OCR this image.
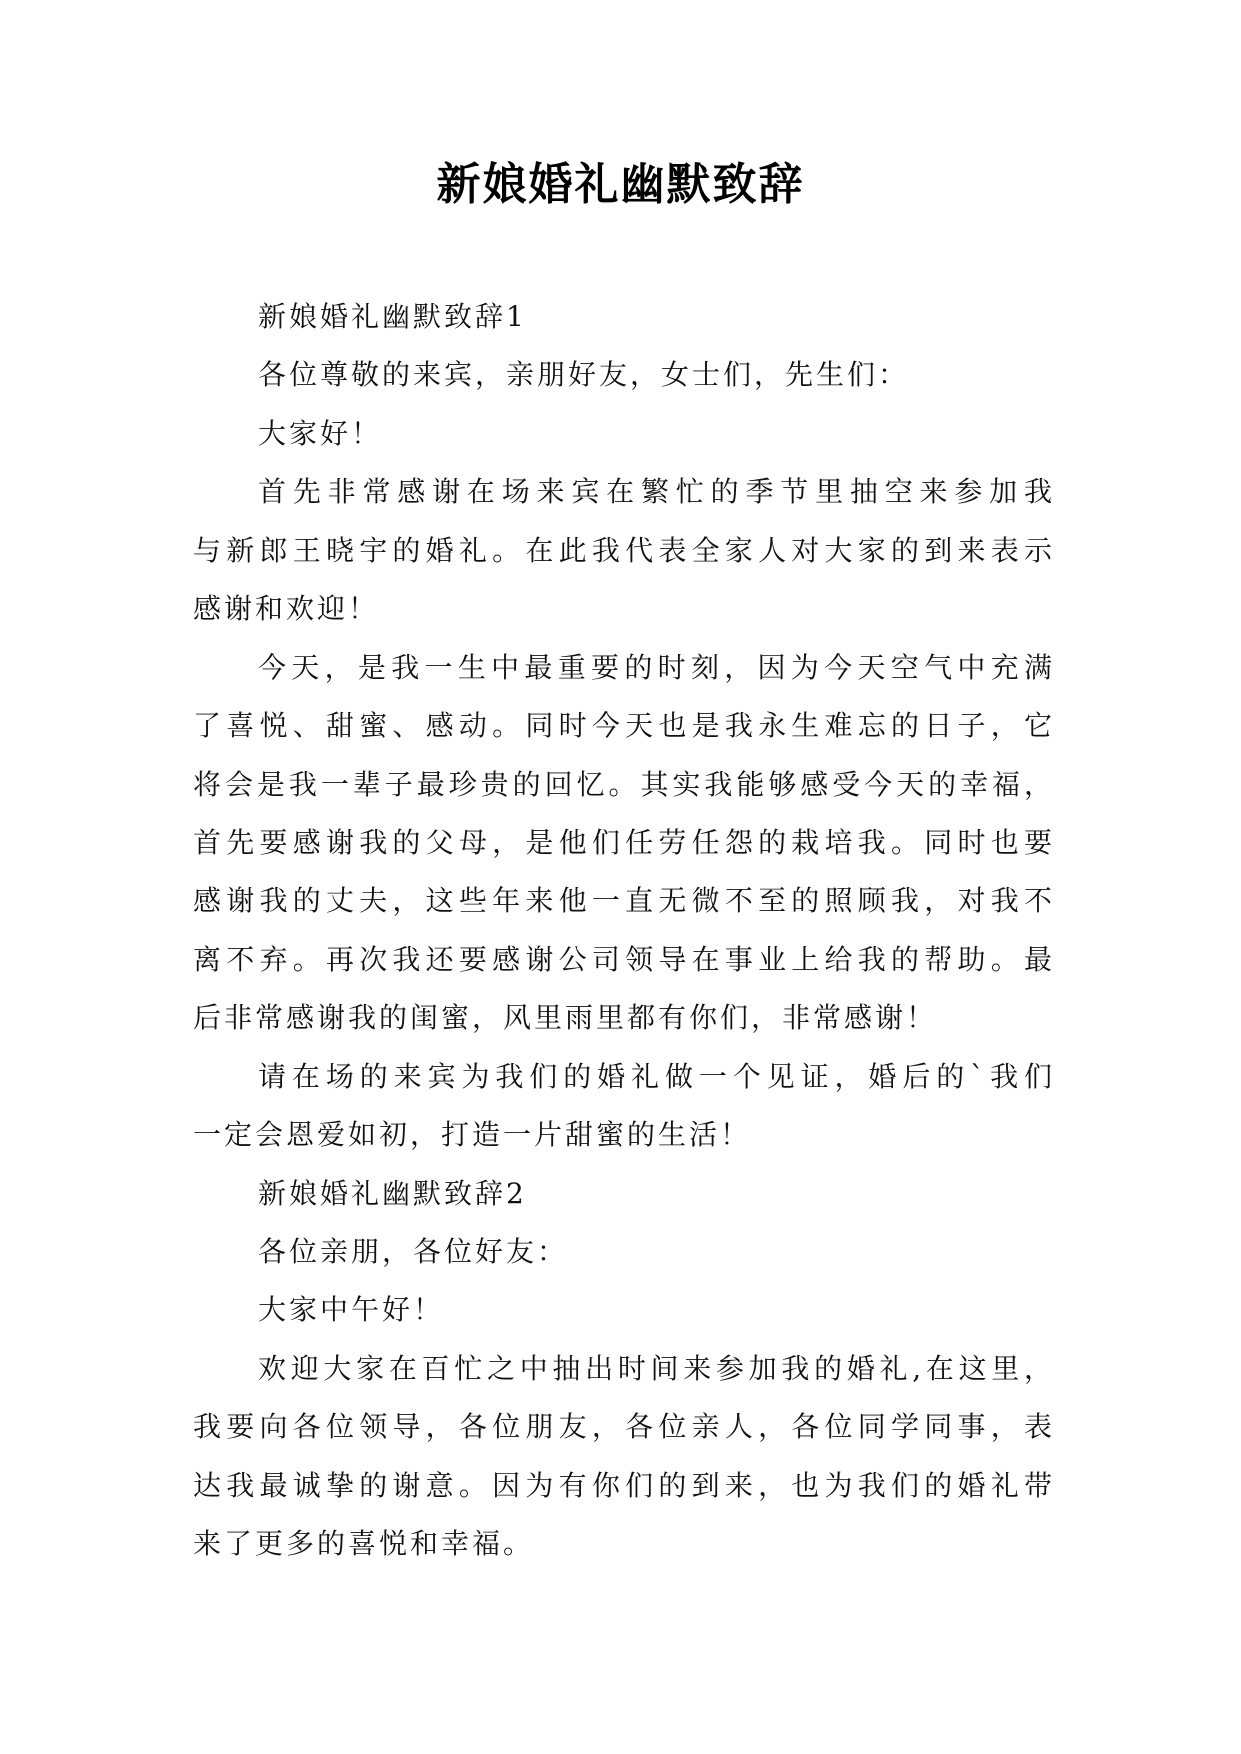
新娘婚礼幽默致辞
新娘婚礼幽默致辞1
各位尊敬的来宾，亲朋好友，女士们，先生们：
大家好！
首先非常感谢在场来宾在繁忙的季节里抽空来参加我
与新郎王晓宇的婚礼。在此我代表全家人对大家的到来表示
感谢和欢迎！
今天，是我一生中最重要的时刻，因为今天空气中充满
了喜悦、甜蜜、感动。同时今天也是我永生难忘的日子，它
将会是我一辈子最珍贵的回忆。其实我能够感受今天的幸福，
首先要感谢我的父母，是他们任劳任怨的栽培我。同时也要
感谢我的丈夫，这些年来他一直无微不至的照顾我，对我不
离不弃。再次我还要感谢公司领导在事业上给我的帮助。最
后非常感谢我的闺蜜，风里雨里都有你们，非常感谢！
请在场的来宾为我们的婚礼做一个见证，婚后的`我们
一定会恩爱如初，打造一片甜蜜的生活！
新娘婚礼幽默致辞2
各位亲朋，各位好友：
大家中午好！
欢迎大家在百忙之中抽出时间来参加我的婚礼,在这里，
我要向各位领导，各位朋友，各位亲人，各位同学同事，表
达我最诚挚的谢意。因为有你们的到来，也为我们的婚礼带
来了更多的喜悦和幸福。
